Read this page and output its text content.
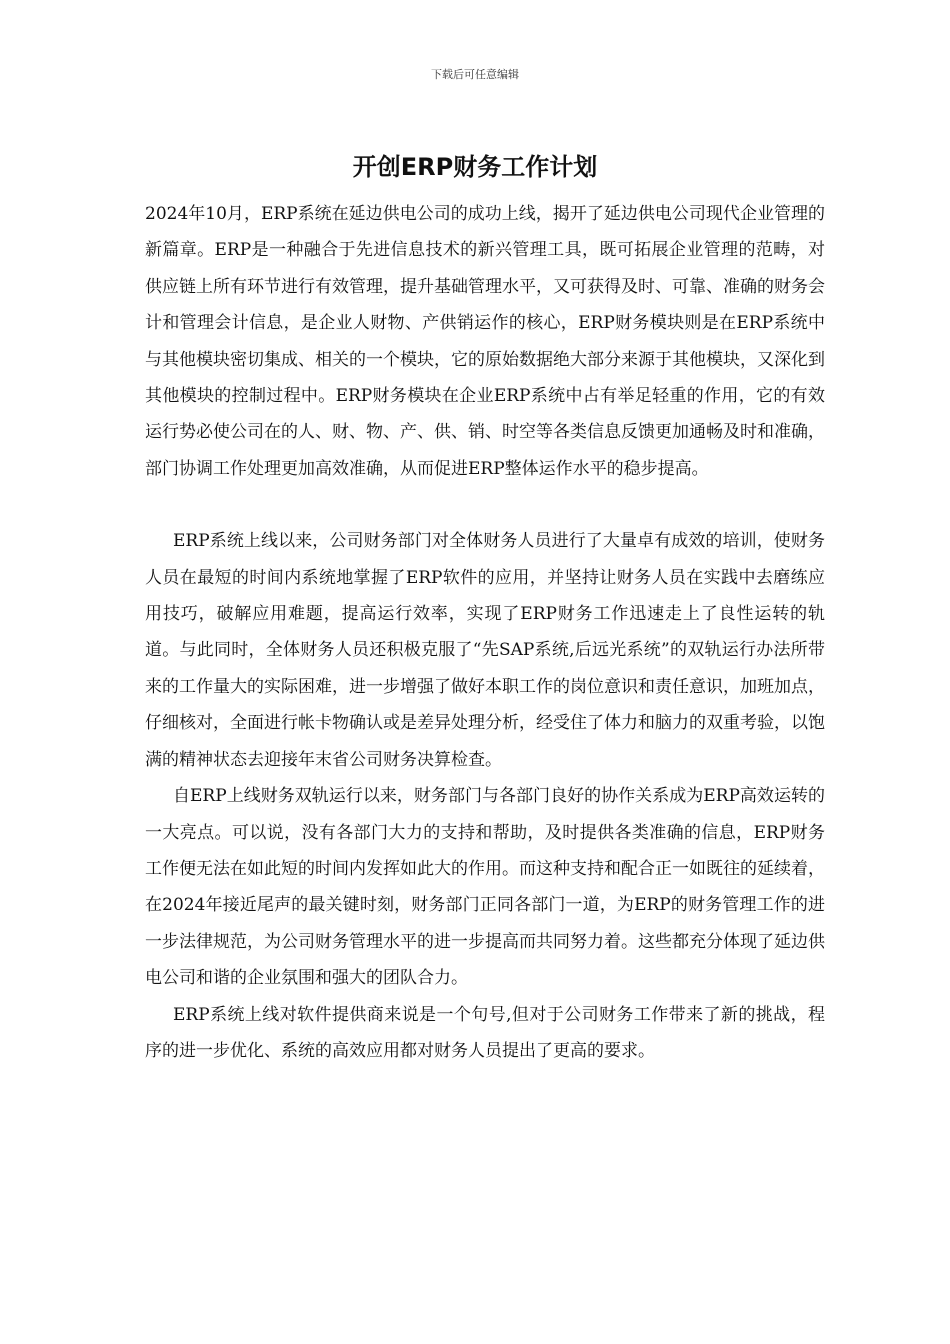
下载后可任意编辑
开创ERP财务工作计划

2024年10月，ERP系统在延边供电公司的成功上线，揭开了延边供电公司现代企业管理的新篇章。ERP是一种融合于先进信息技术的新兴管理工具，既可拓展企业管理的范畴，对供应链上所有环节进行有效管理，提升基础管理水平，又可获得及时、可靠、准确的财务会计和管理会计信息，是企业人财物、产供销运作的核心，ERP财务模块则是在ERP系统中与其他模块密切集成、相关的一个模块，它的原始数据绝大部分来源于其他模块，又深化到其他模块的控制过程中。ERP财务模块在企业ERP系统中占有举足轻重的作用，它的有效运行势必使公司在的人、财、物、产、供、销、时空等各类信息反馈更加通畅及时和准确，部门协调工作处理更加高效准确，从而促进ERP整体运作水平的稳步提高。

ERP系统上线以来，公司财务部门对全体财务人员进行了大量卓有成效的培训，使财务人员在最短的时间内系统地掌握了ERP软件的应用，并坚持让财务人员在实践中去磨练应用技巧，破解应用难题，提高运行效率，实现了ERP财务工作迅速走上了良性运转的轨道。与此同时，全体财务人员还积极克服了“先SAP系统,后远光系统”的双轨运行办法所带来的工作量大的实际困难，进一步增强了做好本职工作的岗位意识和责任意识，加班加点，仔细核对，全面进行帐卡物确认或是差异处理分析，经受住了体力和脑力的双重考验，以饱满的精神状态去迎接年末省公司财务决算检查。

自ERP上线财务双轨运行以来，财务部门与各部门良好的协作关系成为ERP高效运转的一大亮点。可以说，没有各部门大力的支持和帮助，及时提供各类准确的信息，ERP财务工作便无法在如此短的时间内发挥如此大的作用。而这种支持和配合正一如既往的延续着，在2024年接近尾声的最关键时刻，财务部门正同各部门一道，为ERP的财务管理工作的进一步法律规范，为公司财务管理水平的进一步提高而共同努力着。这些都充分体现了延边供电公司和谐的企业氛围和强大的团队合力。

ERP系统上线对软件提供商来说是一个句号,但对于公司财务工作带来了新的挑战，程序的进一步优化、系统的高效应用都对财务人员提出了更高的要求。
